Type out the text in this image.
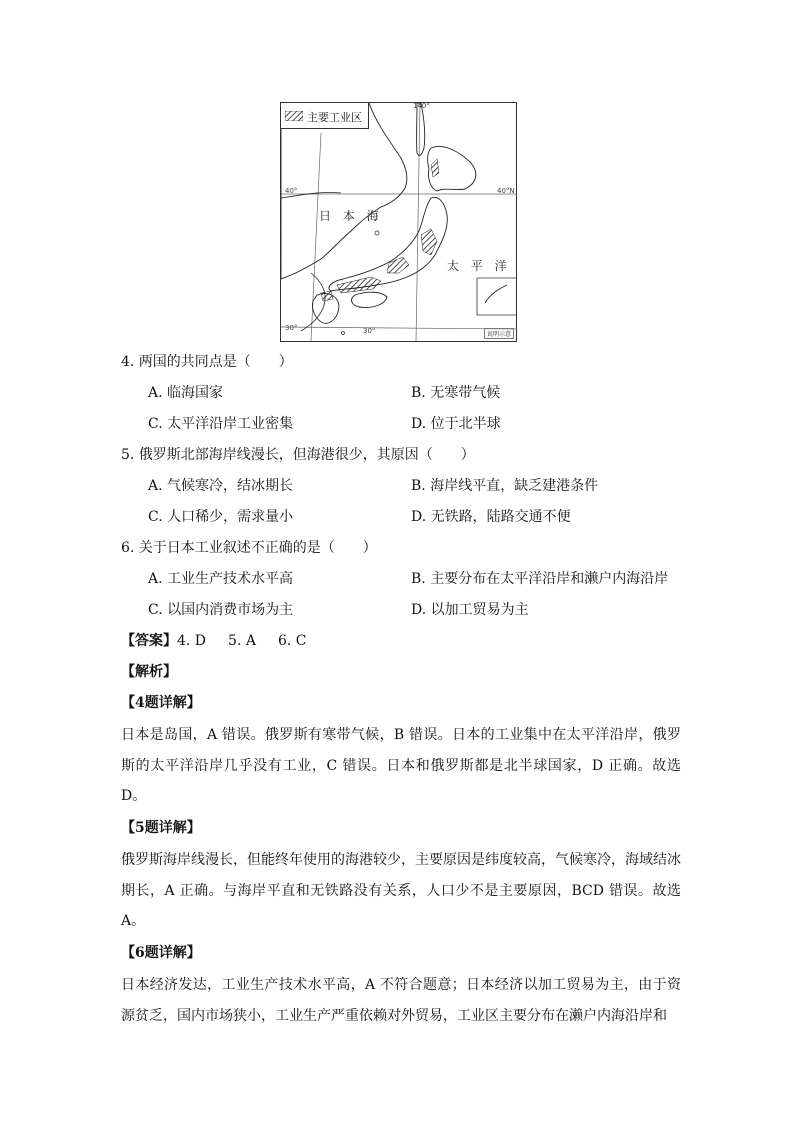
主要工业区
日 本 海
太 平 洋
40°	40°N
30°	30°
140°
说明示意
4. 两国的共同点是（　　）
A. 临海国家	B. 无寒带气候
C. 太平洋沿岸工业密集	D. 位于北半球
5. 俄罗斯北部海岸线漫长，但海港很少，其原因（　　）
A. 气候寒冷，结冰期长	B. 海岸线平直，缺乏建港条件
C. 人口稀少，需求量小	D. 无铁路，陆路交通不便
6. 关于日本工业叙述不正确的是（　　）
A. 工业生产技术水平高	B. 主要分布在太平洋沿岸和濑户内海沿岸
C. 以国内消费市场为主	D. 以加工贸易为主
【答案】4. D 5. A 6. C
【解析】
【4题详解】
日本是岛国，A 错误。俄罗斯有寒带气候，B 错误。日本的工业集中在太平洋沿岸，俄罗斯的太平洋沿岸几乎没有工业，C 错误。日本和俄罗斯都是北半球国家，D 正确。故选 D。
【5题详解】
俄罗斯海岸线漫长，但能终年使用的海港较少，主要原因是纬度较高，气候寒冷，海域结冰期长，A 正确。与海岸平直和无铁路没有关系，人口少不是主要原因，BCD 错误。故选 A。
【6题详解】
日本经济发达，工业生产技术水平高，A 不符合题意；日本经济以加工贸易为主，由于资源贫乏，国内市场狭小，工业生产严重依赖对外贸易，工业区主要分布在濑户内海沿岸和
